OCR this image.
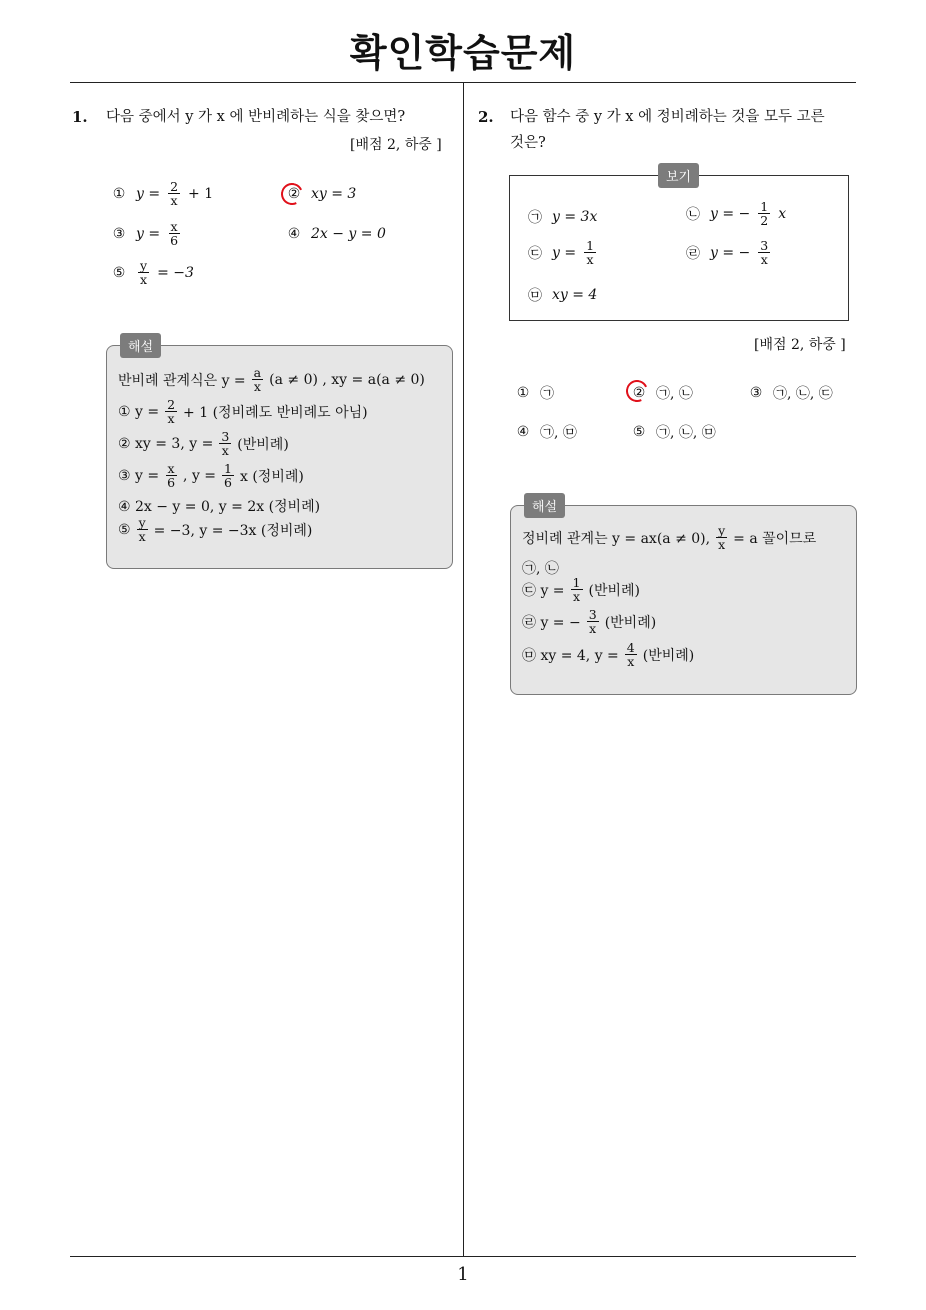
확인학습문제
1. 다음 중에서 y 가 x 에 반비례하는 식을 찾으면?
[배점 2, 하중 ]
① $y = \frac{2}{x} + 1$	② xy = 3
③ $y = \frac{x}{6}$	④ 2x − y = 0
⑤	$\frac{y}{x} = -3$
해설
반비례 관계식은 $y = \frac{a}{x} (a \ne 0)$ , xy = a(a ≠ 0)
① $y = \frac{2}{x} + 1$ (정비례도 반비례도 아님)
② xy = 3, $y = \frac{3}{x}$ (반비례)
③ $y = \frac{x}{6}$ , $y = \frac{1}{6}$ x (정비례)
④ 2x − y = 0, y = 2x (정비례)
⑤ $\frac{y}{x} = -3$, y = −3x (정비례)
2. 다음 함수 중 y 가 x 에 정비례하는 것을 모두 고른
것은?
보기
㉠ y = 3x	㉡ y = − $\frac{1}{2}$ x
㉢ $y = \frac{1}{x}$	㉣ y = − $\frac{3}{x}$
㉤ xy = 4
[배점 2, 하중 ]
① ㉠	② ㉠, ㉡	③ ㉠, ㉡, ㉢
④ ㉠, ㉤	⑤ ㉠, ㉡, ㉤
해설
정비례 관계는 y = ax(a ≠ 0), $\frac{y}{x} = a$ 꼴이므로
㉠, ㉡
㉢ $y = \frac{1}{x}$ (반비례)
㉣ y = − $\frac{3}{x}$ (반비례)
㉤ xy = 4, $y = \frac{4}{x}$ (반비례)
1
